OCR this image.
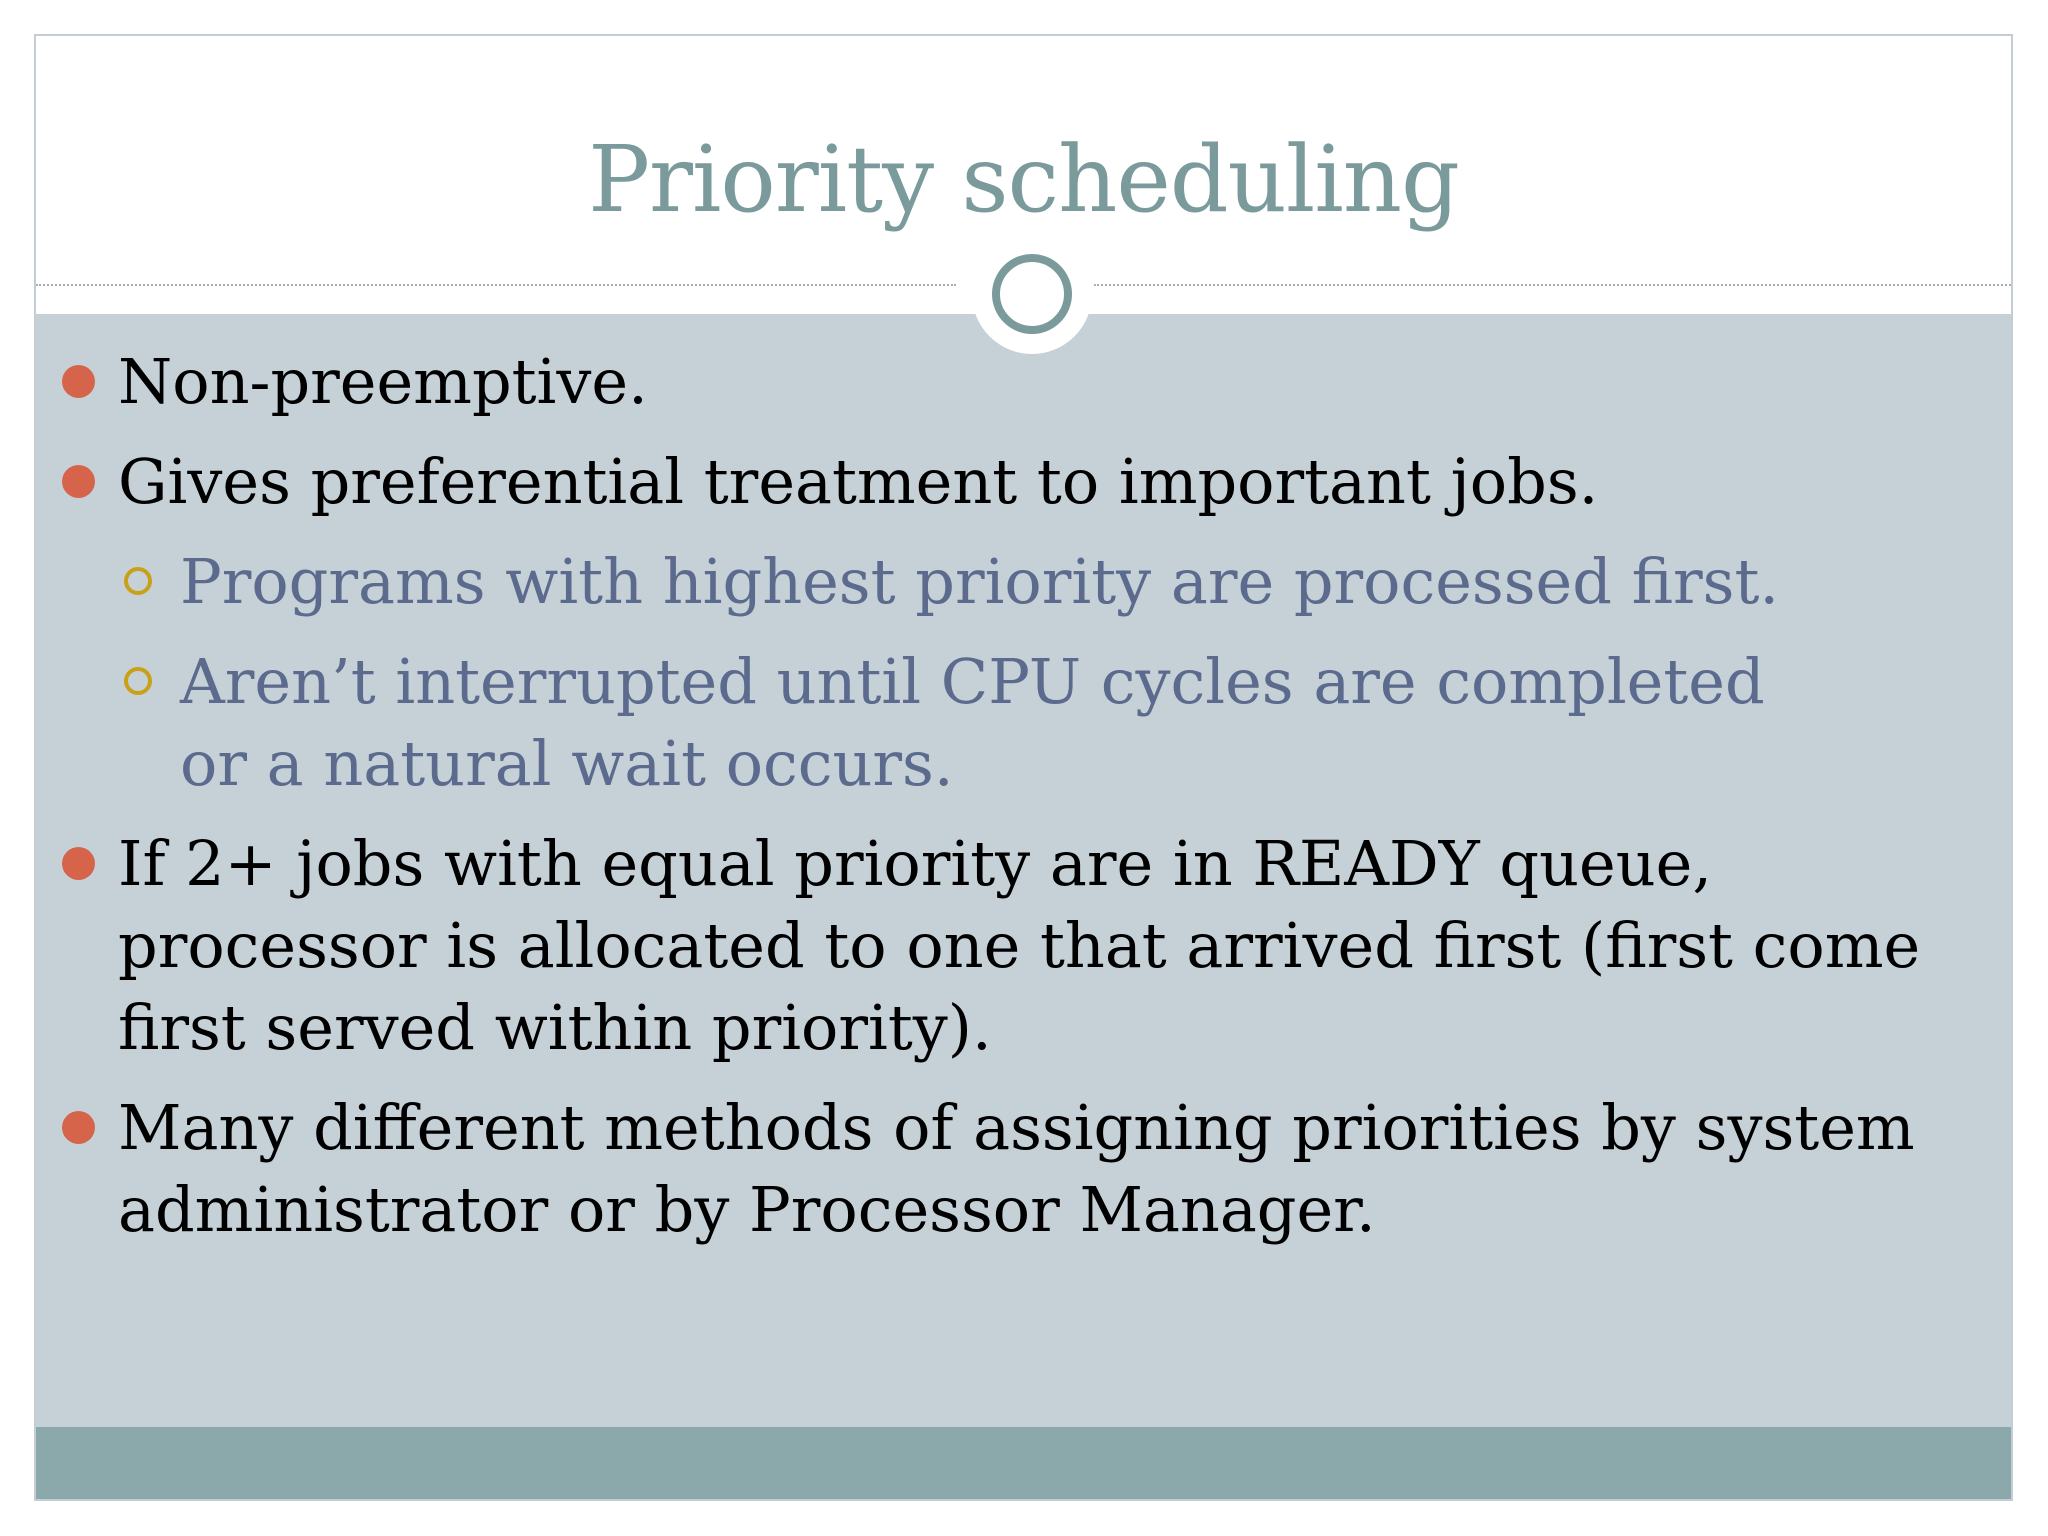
Priority scheduling
Non-preemptive.
Gives preferential treatment to important jobs.
Programs with highest priority are processed first.
Aren’t interrupted until CPU cycles are completed or a natural wait occurs.
If 2+ jobs with equal priority are in READY queue, processor is allocated to one that arrived first (first come first served within priority).
Many different methods of assigning priorities by system administrator or by Processor Manager.
